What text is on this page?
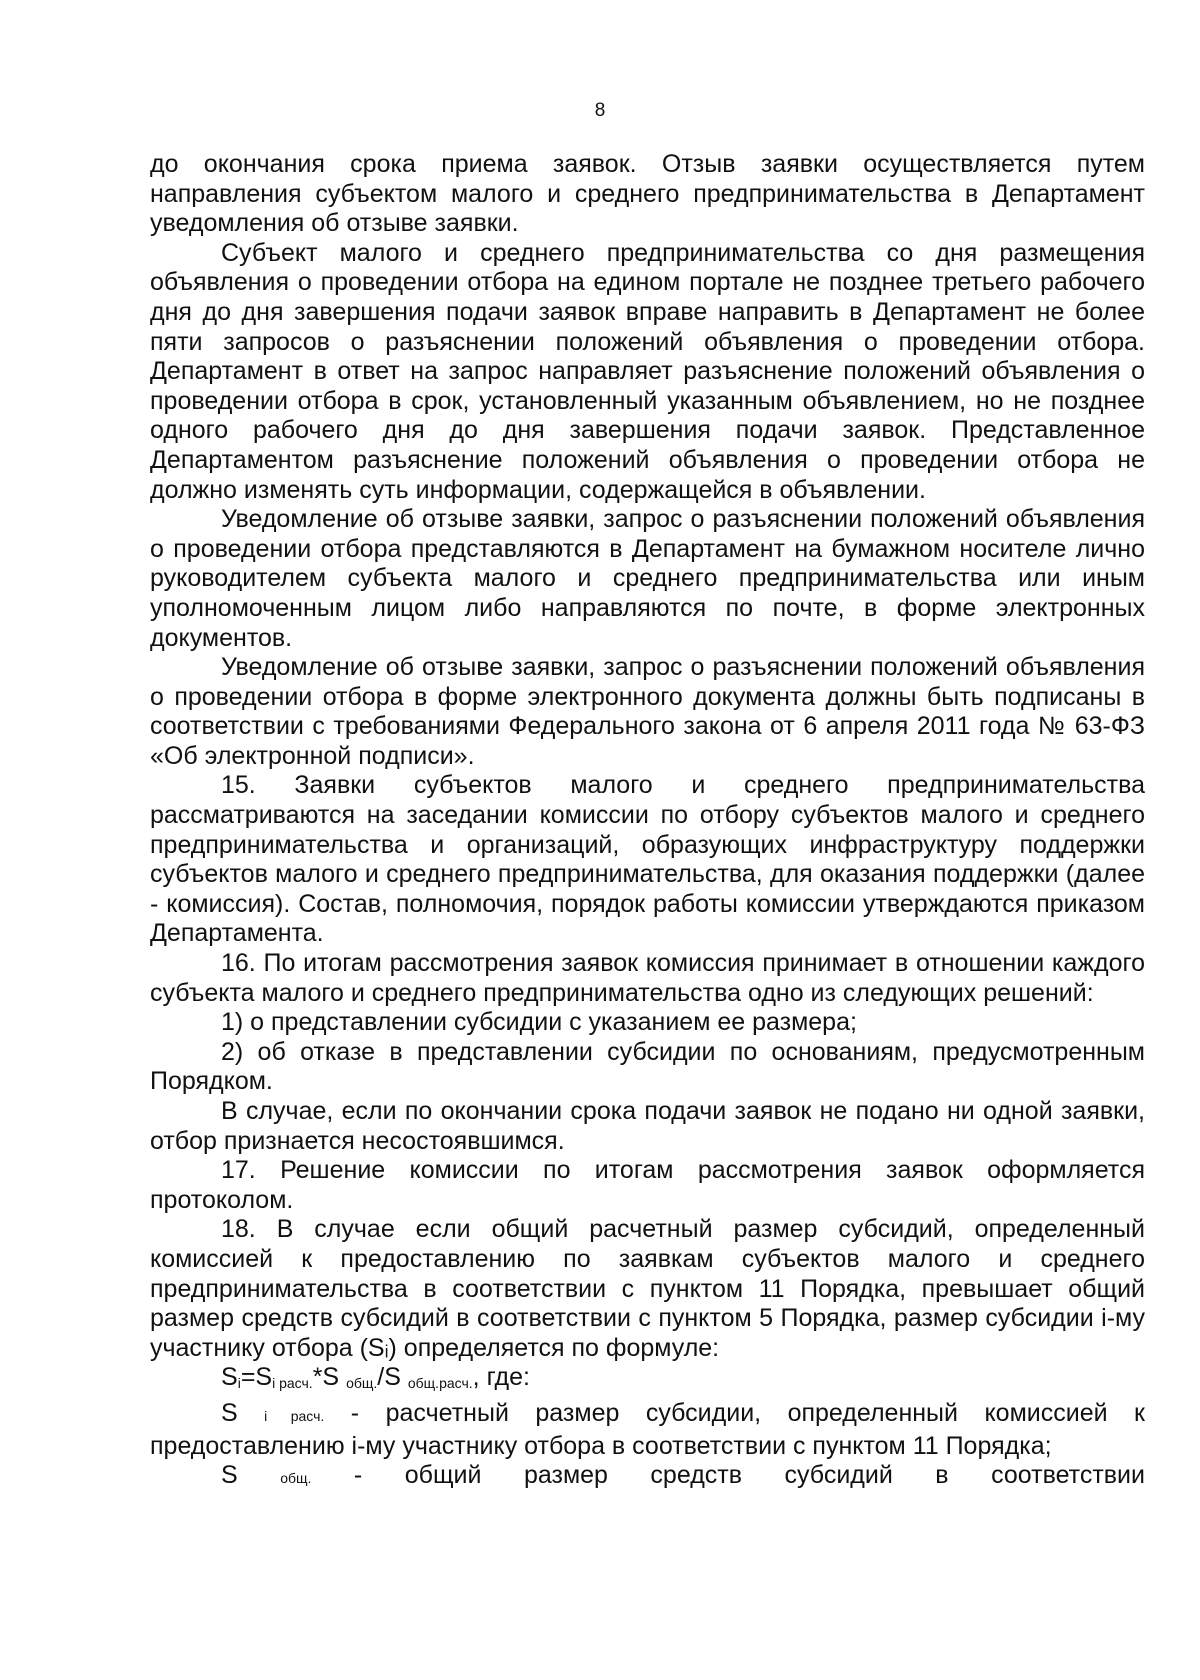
8

до окончания срока приема заявок. Отзыв заявки осуществляется путем направления субъектом малого и среднего предпринимательства в Департамент уведомления об отзыве заявки.

Субъект малого и среднего предпринимательства со дня размещения объявления о проведении отбора на едином портале не позднее третьего рабочего дня до дня завершения подачи заявок вправе направить в Департамент не более пяти запросов о разъяснении положений объявления о проведении отбора. Департамент в ответ на запрос направляет разъяснение положений объявления о проведении отбора в срок, установленный указанным объявлением, но не позднее одного рабочего дня до дня завершения подачи заявок. Представленное Департаментом разъяснение положений объявления о проведении отбора не должно изменять суть информации, содержащейся в объявлении.

Уведомление об отзыве заявки, запрос о разъяснении положений объявления о проведении отбора представляются в Департамент на бумажном носителе лично руководителем субъекта малого и среднего предпринимательства или иным уполномоченным лицом либо направляются по почте, в форме электронных документов.

Уведомление об отзыве заявки, запрос о разъяснении положений объявления о проведении отбора в форме электронного документа должны быть подписаны в соответствии с требованиями Федерального закона от 6 апреля 2011 года № 63-ФЗ «Об электронной подписи».

15. Заявки субъектов малого и среднего предпринимательства рассматриваются на заседании комиссии по отбору субъектов малого и среднего предпринимательства и организаций, образующих инфраструктуру поддержки субъектов малого и среднего предпринимательства, для оказания поддержки (далее - комиссия). Состав, полномочия, порядок работы комиссии утверждаются приказом Департамента.

16. По итогам рассмотрения заявок комиссия принимает в отношении каждого субъекта малого и среднего предпринимательства одно из следующих решений:

1) о представлении субсидии с указанием ее размера;

2) об отказе в представлении субсидии по основаниям, предусмотренным Порядком.

В случае, если по окончании срока подачи заявок не подано ни одной заявки, отбор признается несостоявшимся.

17. Решение комиссии по итогам рассмотрения заявок оформляется протоколом.

18. В случае если общий расчетный размер субсидий, определенный комиссией к предоставлению по заявкам субъектов малого и среднего предпринимательства в соответствии с пунктом 11 Порядка, превышает общий размер средств субсидий в соответствии с пунктом 5 Порядка, размер субсидии i-му участнику отбора (Sᵢ) определяется по формуле:

$S_i=S_{i расч.}*S$ $_{общ.}$/S $_{общ.расч.}$, где:
S i расч. - расчетный размер субсидии, определенный комиссией к
предоставлению i-му участнику отбора в соответствии с пунктом 11 Порядка;
S	общ. - общий размер средств субсидий в соответствии
